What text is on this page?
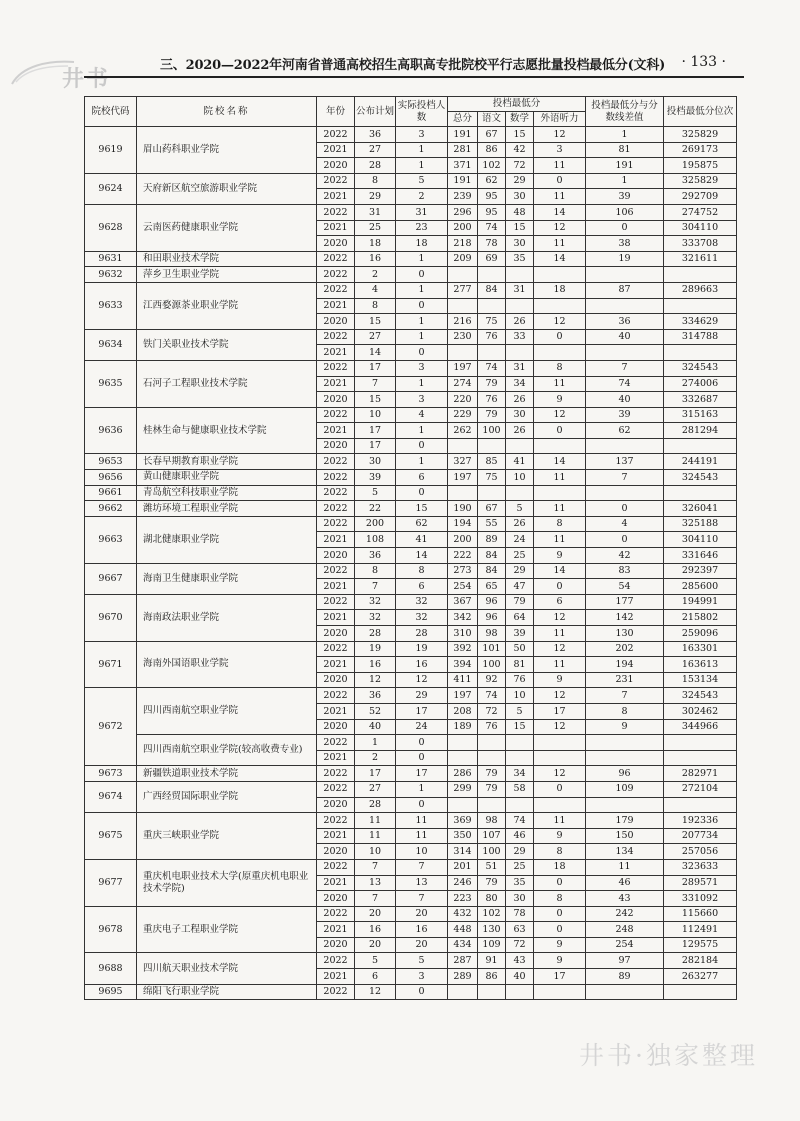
井书
三、2020—2022年河南省普通高校招生高职高专批院校平行志愿批量投档最低分(文科) · 133 ·
院校代码	院校名称	年份	公布计划	实际投档人数	投档最低分				投档最低分与分数线差值	投档最低分位次
					总分	语文	数学	外语听力		
9619	眉山药科职业学院	2022	36	3	191	67	15	12	1	325829
		2021	27	1	281	86	42	3	81	269173
		2020	28	1	371	102	72	11	191	195875
9624	天府新区航空旅游职业学院	2022	8	5	191	62	29	0	1	325829
		2021	29	2	239	95	30	11	39	292709
9628	云南医药健康职业学院	2022	31	31	296	95	48	14	106	274752
		2021	25	23	200	74	15	12	0	304110
		2020	18	18	218	78	30	11	38	333708
9631	和田职业技术学院	2022	16	1	209	69	35	14	19	321611
9632	萍乡卫生职业学院	2022	2	0						
9633	江西婺源茶业职业学院	2022	4	1	277	84	31	18	87	289663
		2021	8	0						
		2020	15	1	216	75	26	12	36	334629
9634	铁门关职业技术学院	2022	27	1	230	76	33	0	40	314788
		2021	14	0						
9635	石河子工程职业技术学院	2022	17	3	197	74	31	8	7	324543
		2021	7	1	274	79	34	11	74	274006
		2020	15	3	220	76	26	9	40	332687
9636	桂林生命与健康职业技术学院	2022	10	4	229	79	30	12	39	315163
		2021	17	1	262	100	26	0	62	281294
		2020	17	0						
9653	长春早期教育职业学院	2022	30	1	327	85	41	14	137	244191
9656	黄山健康职业学院	2022	39	6	197	75	10	11	7	324543
9661	青岛航空科技职业学院	2022	5	0						
9662	潍坊环境工程职业学院	2022	22	15	190	67	5	11	0	326041
9663	湖北健康职业学院	2022	200	62	194	55	26	8	4	325188
		2021	108	41	200	89	24	11	0	304110
		2020	36	14	222	84	25	9	42	331646
9667	海南卫生健康职业学院	2022	8	8	273	84	29	14	83	292397
		2021	7	6	254	65	47	0	54	285600
9670	海南政法职业学院	2022	32	32	367	96	79	6	177	194991
		2021	32	32	342	96	64	12	142	215802
		2020	28	28	310	98	39	11	130	259096
9671	海南外国语职业学院	2022	19	19	392	101	50	12	202	163301
		2021	16	16	394	100	81	11	194	163613
		2020	12	12	411	92	76	9	231	153134
9672	四川西南航空职业学院	2022	36	29	197	74	10	12	7	324543
		2021	52	17	208	72	5	17	8	302462
		2020	40	24	189	76	15	12	9	344966
	四川西南航空职业学院(较高收费专业)	2022	1	0						
		2021	2	0						
9673	新疆铁道职业技术学院	2022	17	17	286	79	34	12	96	282971
9674	广西经贸国际职业学院	2022	27	1	299	79	58	0	109	272104
		2020	28	0						
9675	重庆三峡职业学院	2022	11	11	369	98	74	11	179	192336
		2021	11	11	350	107	46	9	150	207734
		2020	10	10	314	100	29	8	134	257056
9677	重庆机电职业技术大学(原重庆机电职业技术学院)	2022	7	7	201	51	25	18	11	323633
		2021	13	13	246	79	35	0	46	289571
		2020	7	7	223	80	30	8	43	331092
9678	重庆电子工程职业学院	2022	20	20	432	102	78	0	242	115660
		2021	16	16	448	130	63	0	248	112491
		2020	20	20	434	109	72	9	254	129575
9688	四川航天职业技术学院	2022	5	5	287	91	43	9	97	282184
		2021	6	3	289	86	40	17	89	263277
9695	绵阳飞行职业学院	2022	12	0						
井书·独家整理
